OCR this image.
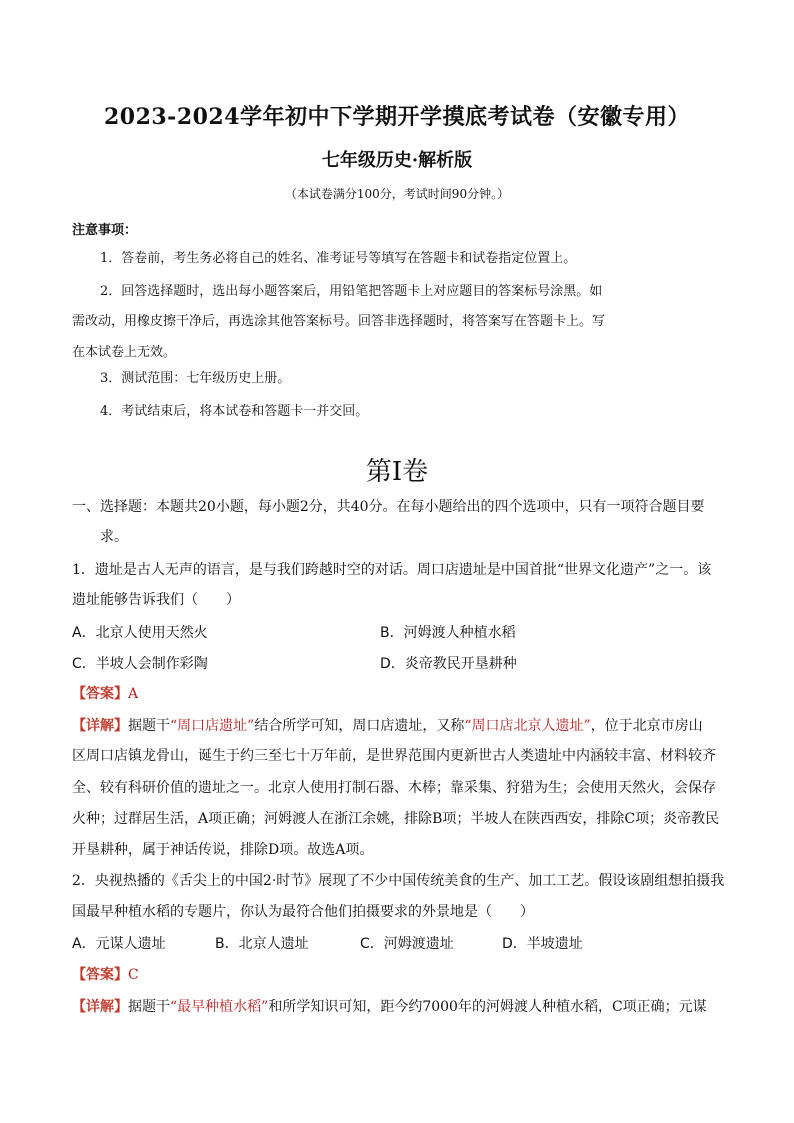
2023-2024学年初中下学期开学摸底考试卷（安徽专用）
七年级历史·解析版
（本试卷满分100分，考试时间90分钟。）
注意事项：
1．答卷前，考生务必将自己的姓名、准考证号等填写在答题卡和试卷指定位置上。
2．回答选择题时，选出每小题答案后，用铅笔把答题卡上对应题目的答案标号涂黑。如
需改动，用橡皮擦干净后，再选涂其他答案标号。回答非选择题时，将答案写在答题卡上。写
在本试卷上无效。
3．测试范围：七年级历史上册。
4．考试结束后，将本试卷和答题卡一并交回。
第Ⅰ卷
一、选择题：本题共20小题，每小题2分，共40分。在每小题给出的四个选项中，只有一项符合题目要
求。
1．遗址是古人无声的语言，是与我们跨越时空的对话。周口店遗址是中国首批“世界文化遗产”之一。该
遗址能够告诉我们（　　）
A．北京人使用天然火	B．河姆渡人种植水稻
C．半坡人会制作彩陶	D．炎帝教民开垦耕种
【答案】A
【详解】据题干“周口店遗址”结合所学可知，周口店遗址，又称“周口店北京人遗址”，位于北京市房山
区周口店镇龙骨山，诞生于约三至七十万年前，是世界范围内更新世古人类遗址中内涵较丰富、材料较齐
全、较有科研价值的遗址之一。北京人使用打制石器、木棒；靠采集、狩猎为生；会使用天然火，会保存
火种；过群居生活，A项正确；河姆渡人在浙江余姚，排除B项；半坡人在陕西西安，排除C项；炎帝教民
开垦耕种，属于神话传说，排除D项。故选A项。
2．央视热播的《舌尖上的中国2·时节》展现了不少中国传统美食的生产、加工工艺。假设该剧组想拍摄我
国最早种植水稻的专题片，你认为最符合他们拍摄要求的外景地是（　　）
A．元谋人遗址	B．北京人遗址	C．河姆渡遗址	D．半坡遗址
【答案】C
【详解】据题干“最早种植水稻”和所学知识可知，距今约7000年的河姆渡人种植水稻，C项正确；元谋
